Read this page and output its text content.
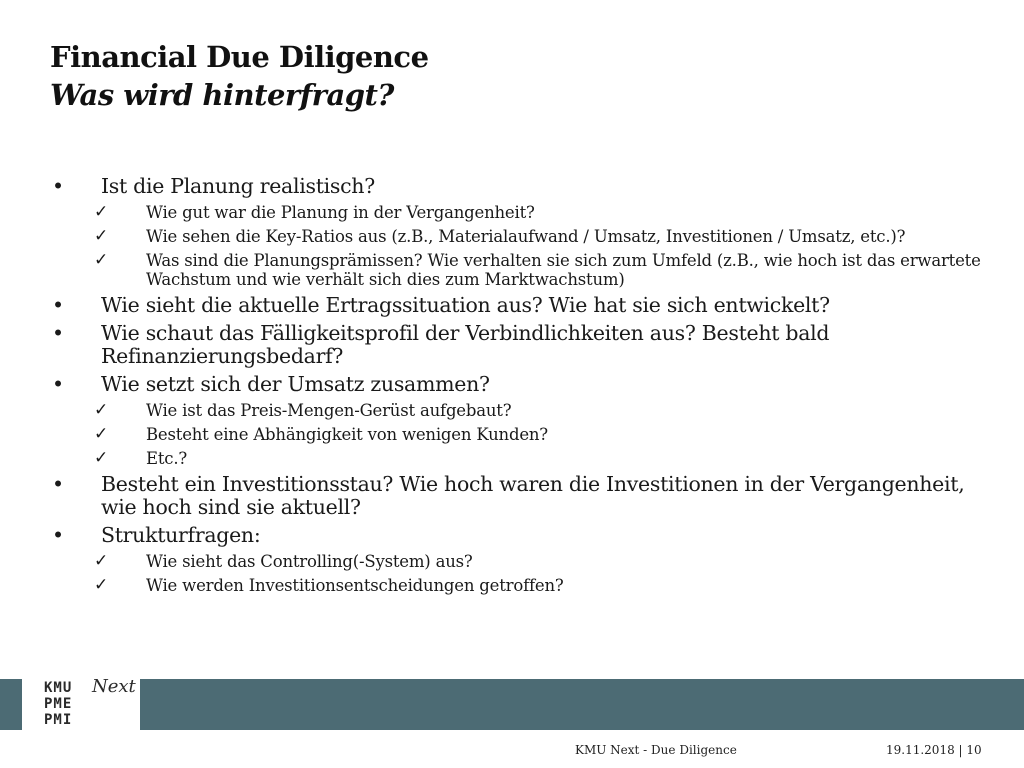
Financial Due Diligence
Was wird hinterfragt?
• Ist die Planung realistisch?
✓ Wie gut war die Planung in der Vergangenheit?
✓ Wie sehen die Key-Ratios aus (z.B., Materialaufwand / Umsatz, Investitionen / Umsatz, etc.)?
✓ Was sind die Planungsprämissen? Wie verhalten sie sich zum Umfeld (z.B., wie hoch ist das erwartete Wachstum und wie verhält sich dies zum Marktwachstum)
• Wie sieht die aktuelle Ertragssituation aus? Wie hat sie sich entwickelt?
• Wie schaut das Fälligkeitsprofil der Verbindlichkeiten aus? Besteht bald Refinanzierungsbedarf?
• Wie setzt sich der Umsatz zusammen?
✓ Wie ist das Preis-Mengen-Gerüst aufgebaut?
✓ Besteht eine Abhängigkeit von wenigen Kunden?
✓ Etc.?
• Besteht ein Investitionsstau? Wie hoch waren die Investitionen in der Vergangenheit, wie hoch sind sie aktuell?
• Strukturfragen:
✓ Wie sieht das Controlling(-System) aus?
✓ Wie werden Investitionsentscheidungen getroffen?
KMU
PME
PMI
Next
KMU Next - Due Diligence	19.11.2018 | 10
